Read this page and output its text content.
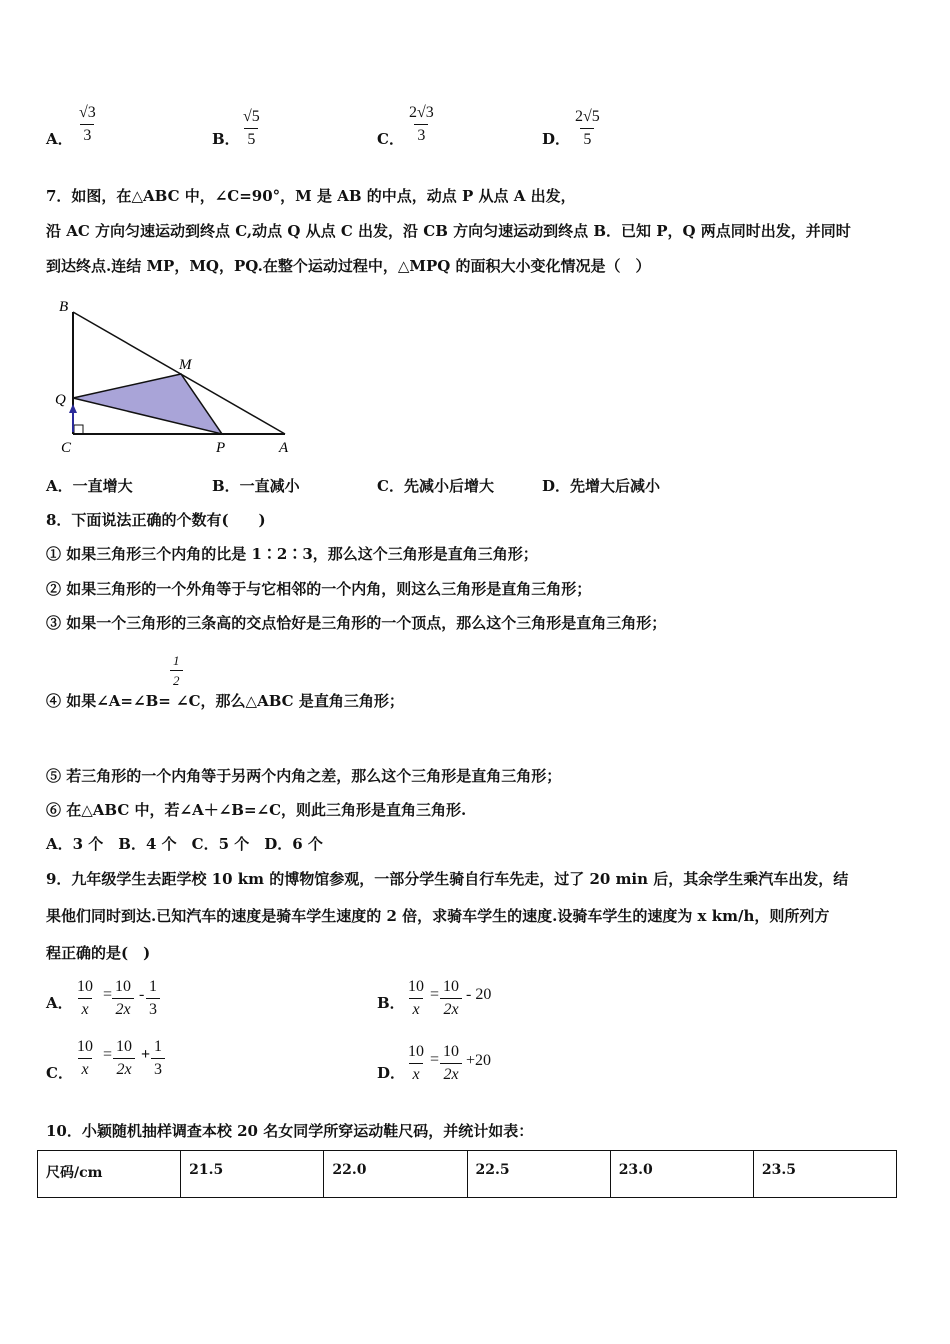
A． $\frac{√3}{3}$	B． $\frac{√5}{5}$	C． $\frac{2√3}{3}$	D． $\frac{2√5}{5}$
7．如图，在△ABC 中，∠C=90°，M 是 AB 的中点，动点 P 从点 A 出发，
沿 AC 方向匀速运动到终点 C,动点 Q 从点 C 出发，沿 CB 方向匀速运动到终点 B．已知 P，Q 两点同时出发，并同时
到达终点.连结 MP，MQ，PQ.在整个运动过程中，△MPQ 的面积大小变化情况是（　）
B
M
Q
C	P	A
A．一直增大	B．一直减小	C．先减小后增大	D．先增大后减小
8．下面说法正确的个数有(　　)
① 如果三角形三个内角的比是 1∶2∶3，那么这个三角形是直角三角形；
② 如果三角形的一个外角等于与它相邻的一个内角，则这么三角形是直角三角形；
③ 如果一个三角形的三条高的交点恰好是三角形的一个顶点，那么这个三角形是直角三角形；
$\frac{1}{2}$
④ 如果∠A=∠B= ∠C，那么△ABC 是直角三角形；
⑤ 若三角形的一个内角等于另两个内角之差，那么这个三角形是直角三角形；
⑥ 在△ABC 中，若∠A＋∠B=∠C，则此三角形是直角三角形.
A．3 个　B．4 个　C．5 个　D．6 个
9．九年级学生去距学校 10 km 的博物馆参观，一部分学生骑自行车先走，过了 20 min 后，其余学生乘汽车出发，结
果他们同时到达.已知汽车的速度是骑车学生速度的 2 倍，求骑车学生的速度.设骑车学生的速度为 x km/h，则所列方
程正确的是(　)
A． $\frac{10}{x} = \frac{10}{2x} - \frac{1}{3}$	B． $\frac{10}{x} = \frac{10}{2x} - 20$
C． $\frac{10}{x} = \frac{10}{2x} + \frac{1}{3}$	D． $\frac{10}{x} = \frac{10}{2x} +20$
10．小颖随机抽样调查本校 20 名女同学所穿运动鞋尺码，并统计如表：
尺码/cm	21.5	22.0	22.5	23.0	23.5
